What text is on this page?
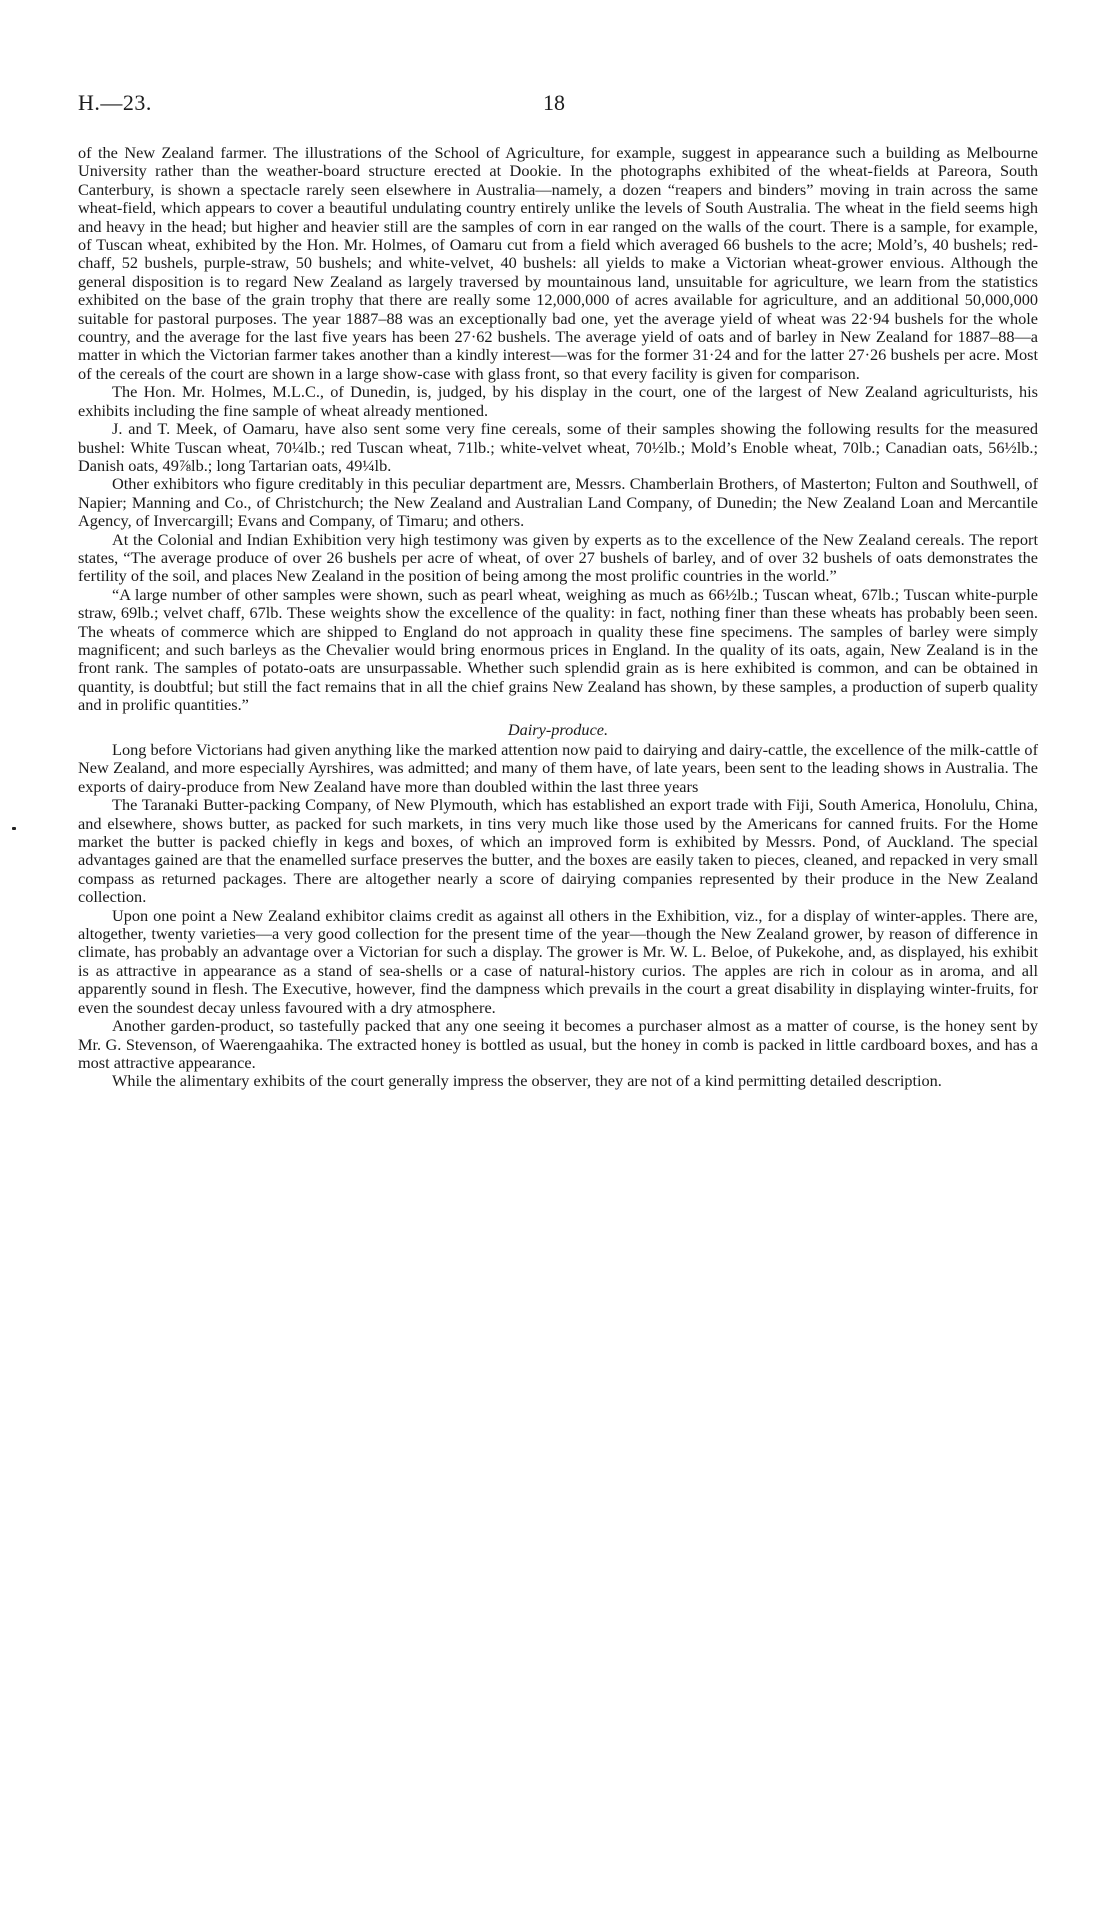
H.—23.	18

of the New Zealand farmer. The illustrations of the School of Agriculture, for example, suggest in appearance such a building as Melbourne University rather than the weather-board structure erected at Dookie. In the photographs exhibited of the wheat-fields at Pareora, South Canterbury, is shown a spectacle rarely seen elsewhere in Australia—namely, a dozen “reapers and binders” moving in train across the same wheat-field, which appears to cover a beautiful undulating country entirely unlike the levels of South Australia. The wheat in the field seems high and heavy in the head; but higher and heavier still are the samples of corn in ear ranged on the walls of the court. There is a sample, for example, of Tuscan wheat, exhibited by the Hon. Mr. Holmes, of Oamaru cut from a field which averaged 66 bushels to the acre; Mold’s, 40 bushels; red-chaff, 52 bushels, purple-straw, 50 bushels; and white-velvet, 40 bushels: all yields to make a Victorian wheat-grower envious. Although the general disposition is to regard New Zealand as largely traversed by mountainous land, unsuitable for agriculture, we learn from the statistics exhibited on the base of the grain trophy that there are really some 12,000,000 of acres available for agriculture, and an additional 50,000,000 suitable for pastoral purposes. The year 1887–88 was an exceptionally bad one, yet the average yield of wheat was 22·94 bushels for the whole country, and the average for the last five years has been 27·62 bushels. The average yield of oats and of barley in New Zealand for 1887–88—a matter in which the Victorian farmer takes another than a kindly interest—was for the former 31·24 and for the latter 27·26 bushels per acre. Most of the cereals of the court are shown in a large show-case with glass front, so that every facility is given for comparison.

The Hon. Mr. Holmes, M.L.C., of Dunedin, is, judged, by his display in the court, one of the largest of New Zealand agriculturists, his exhibits including the fine sample of wheat already mentioned.

J. and T. Meek, of Oamaru, have also sent some very fine cereals, some of their samples showing the following results for the measured bushel: White Tuscan wheat, 70¼lb.; red Tuscan wheat, 71lb.; white-velvet wheat, 70½lb.; Mold’s Enoble wheat, 70lb.; Canadian oats, 56½lb.; Danish oats, 49⅞lb.; long Tartarian oats, 49¼lb.

Other exhibitors who figure creditably in this peculiar department are, Messrs. Chamberlain Brothers, of Masterton; Fulton and Southwell, of Napier; Manning and Co., of Christchurch; the New Zealand and Australian Land Company, of Dunedin; the New Zealand Loan and Mercantile Agency, of Invercargill; Evans and Company, of Timaru; and others.

At the Colonial and Indian Exhibition very high testimony was given by experts as to the excellence of the New Zealand cereals. The report states, “The average produce of over 26 bushels per acre of wheat, of over 27 bushels of barley, and of over 32 bushels of oats demonstrates the fertility of the soil, and places New Zealand in the position of being among the most prolific countries in the world.”

“A large number of other samples were shown, such as pearl wheat, weighing as much as 66½lb.; Tuscan wheat, 67lb.; Tuscan white-purple straw, 69lb.; velvet chaff, 67lb. These weights show the excellence of the quality: in fact, nothing finer than these wheats has probably been seen. The wheats of commerce which are shipped to England do not approach in quality these fine specimens. The samples of barley were simply magnificent; and such barleys as the Chevalier would bring enormous prices in England. In the quality of its oats, again, New Zealand is in the front rank. The samples of potato-oats are unsurpassable. Whether such splendid grain as is here exhibited is common, and can be obtained in quantity, is doubtful; but still the fact remains that in all the chief grains New Zealand has shown, by these samples, a production of superb quality and in prolific quantities.”

Dairy-produce.

Long before Victorians had given anything like the marked attention now paid to dairying and dairy-cattle, the excellence of the milk-cattle of New Zealand, and more especially Ayrshires, was admitted; and many of them have, of late years, been sent to the leading shows in Australia. The exports of dairy-produce from New Zealand have more than doubled within the last three years

The Taranaki Butter-packing Company, of New Plymouth, which has established an export trade with Fiji, South America, Honolulu, China, and elsewhere, shows butter, as packed for such markets, in tins very much like those used by the Americans for canned fruits. For the Home market the butter is packed chiefly in kegs and boxes, of which an improved form is exhibited by Messrs. Pond, of Auckland. The special advantages gained are that the enamelled surface preserves the butter, and the boxes are easily taken to pieces, cleaned, and repacked in very small compass as returned packages. There are altogether nearly a score of dairying companies represented by their produce in the New Zealand collection.

Upon one point a New Zealand exhibitor claims credit as against all others in the Exhibition, viz., for a display of winter-apples. There are, altogether, twenty varieties—a very good collection for the present time of the year—though the New Zealand grower, by reason of difference in climate, has probably an advantage over a Victorian for such a display. The grower is Mr. W. L. Beloe, of Pukekohe, and, as displayed, his exhibit is as attractive in appearance as a stand of sea-shells or a case of natural-history curios. The apples are rich in colour as in aroma, and all apparently sound in flesh. The Executive, however, find the dampness which prevails in the court a great disability in displaying winter-fruits, for even the soundest decay unless favoured with a dry atmosphere.

Another garden-product, so tastefully packed that any one seeing it becomes a purchaser almost as a matter of course, is the honey sent by Mr. G. Stevenson, of Waerengaahika. The extracted honey is bottled as usual, but the honey in comb is packed in little cardboard boxes, and has a most attractive appearance.

While the alimentary exhibits of the court generally impress the observer, they are not of a kind permitting detailed description.
